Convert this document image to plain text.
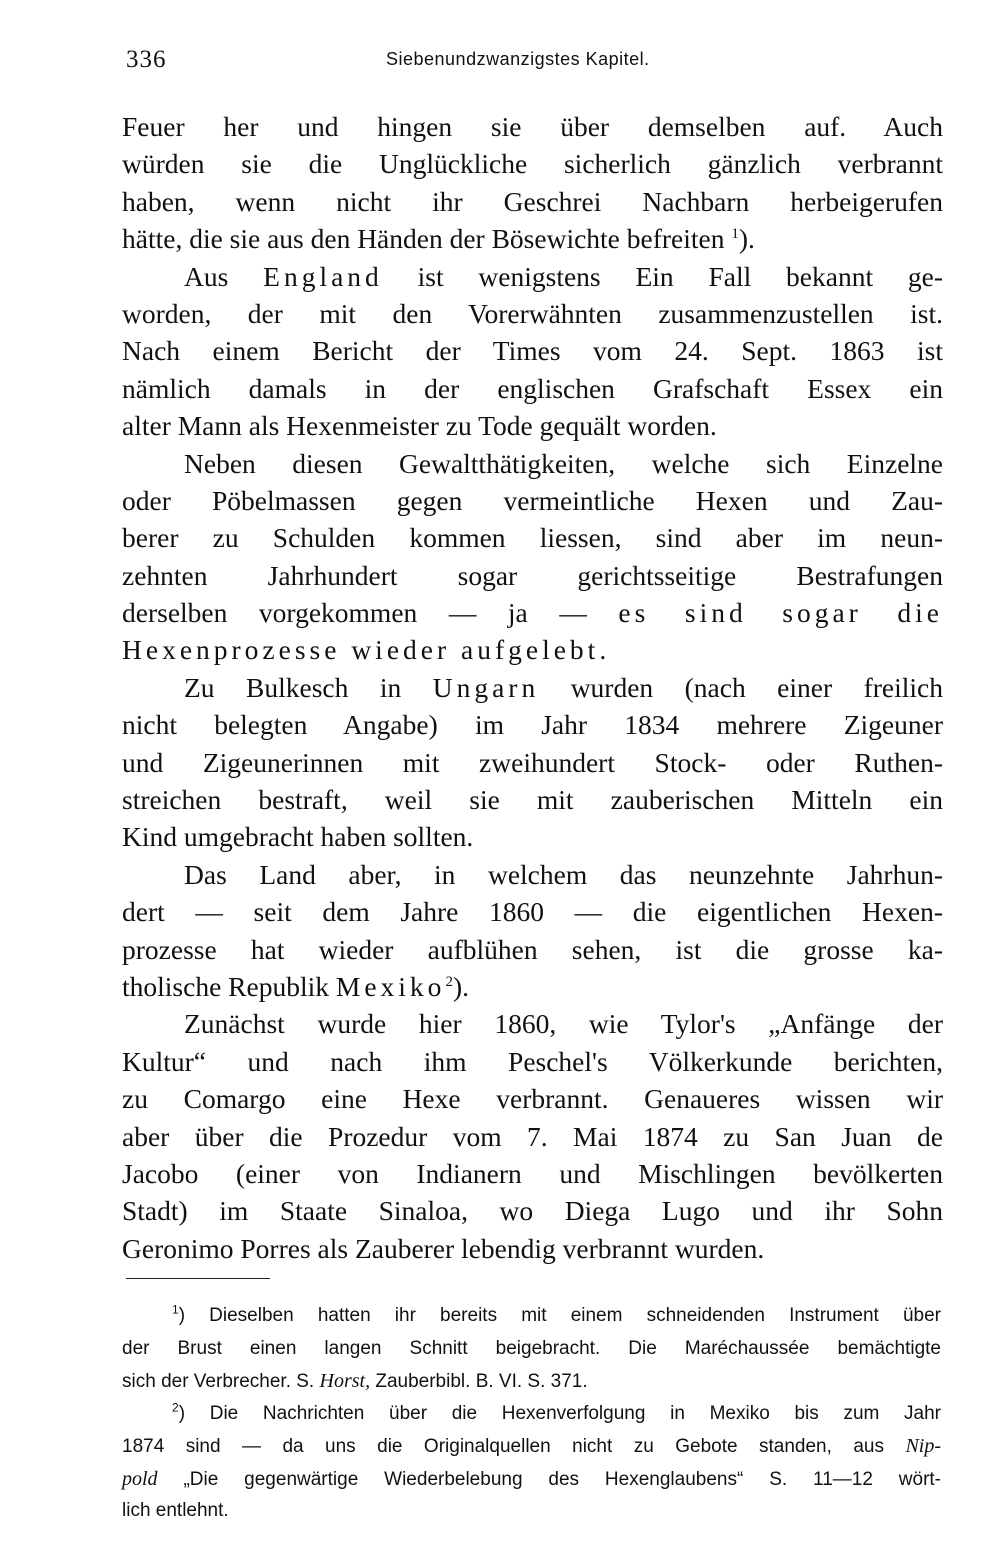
336	Siebenundzwanzigstes Kapitel.
Feuer her und hingen sie über demselben auf. Auch
würden sie die Unglückliche sicherlich gänzlich verbrannt
haben, wenn nicht ihr Geschrei Nachbarn herbeigerufen
hätte, die sie aus den Händen der Bösewichte befreiten $^1$).
Aus England ist wenigstens Ein Fall bekannt ge-
worden, der mit den Vorerwähnten zusammenzustellen ist.
Nach einem Bericht der Times vom 24. Sept. 1863 ist
nämlich damals in der englischen Grafschaft Essex ein
alter Mann als Hexenmeister zu Tode gequält worden.
Neben diesen Gewaltthätigkeiten, welche sich Einzelne
oder Pöbelmassen gegen vermeintliche Hexen und Zau-
berer zu Schulden kommen liessen, sind aber im neun-
zehnten Jahrhundert sogar gerichtsseitige Bestrafungen
derselben vorgekommen — ja — es sind sogar die
Hexenprozesse wieder aufgelebt.
Zu Bulkesch in Ungarn wurden (nach einer freilich
nicht belegten Angabe) im Jahr 1834 mehrere Zigeuner
und Zigeunerinnen mit zweihundert Stock- oder Ruthen-
streichen bestraft, weil sie mit zauberischen Mitteln ein
Kind umgebracht haben sollten.
Das Land aber, in welchem das neunzehnte Jahrhun-
dert — seit dem Jahre 1860 — die eigentlichen Hexen-
prozesse hat wieder aufblühen sehen, ist die grosse ka-
tholische Republik Mexiko$^2$).
Zunächst wurde hier 1860, wie Tylor's „Anfänge der
Kultur“ und nach ihm Peschel's Völkerkunde berichten,
zu Comargo eine Hexe verbrannt. Genaueres wissen wir
aber über die Prozedur vom 7. Mai 1874 zu San Juan de
Jacobo (einer von Indianern und Mischlingen bevölkerten
Stadt) im Staate Sinaloa, wo Diega Lugo und ihr Sohn
Geronimo Porres als Zauberer lebendig verbrannt wurden.
$^1$) Dieselben hatten ihr bereits mit einem schneidenden Instrument über
der Brust einen langen Schnitt beigebracht. Die Maréchaussée bemächtigte
sich der Verbrecher. S. Horst, Zauberbibl. B. VI. S. 371.
$^2$) Die Nachrichten über die Hexenverfolgung in Mexiko bis zum Jahr
1874 sind — da uns die Originalquellen nicht zu Gebote standen, aus Nip-
pold „Die gegenwärtige Wiederbelebung des Hexenglaubens“ S. 11—12 wört-
lich entlehnt.
